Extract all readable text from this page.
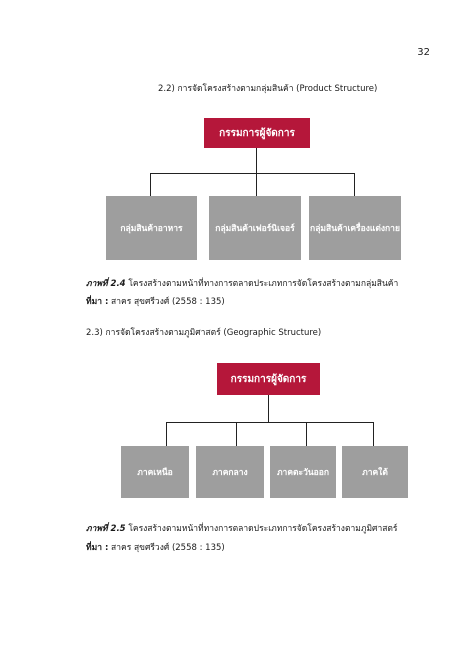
32
2.2) การจัดโครงสร้างตามกลุ่มสินค้า (Product Structure)
กรรมการผู้จัดการ
กลุ่มสินค้าอาหาร	กลุ่มสินค้าเฟอร์นิเจอร์	กลุ่มสินค้าเครื่องแต่งกาย
ภาพที่ 2.4 โครงสร้างตามหน้าที่ทางการตลาดประเภทการจัดโครงสร้างตามกลุ่มสินค้า
ที่มา : สาคร สุขศรีวงศ์ (2558 : 135)
2.3) การจัดโครงสร้างตามภูมิศาสตร์ (Geographic Structure)
กรรมการผู้จัดการ
ภาคเหนือ	ภาคกลาง	ภาคตะวันออก	ภาคใต้
ภาพที่ 2.5 โครงสร้างตามหน้าที่ทางการตลาดประเภทการจัดโครงสร้างตามภูมิศาสตร์
ที่มา : สาคร สุขศรีวงศ์ (2558 : 135)
